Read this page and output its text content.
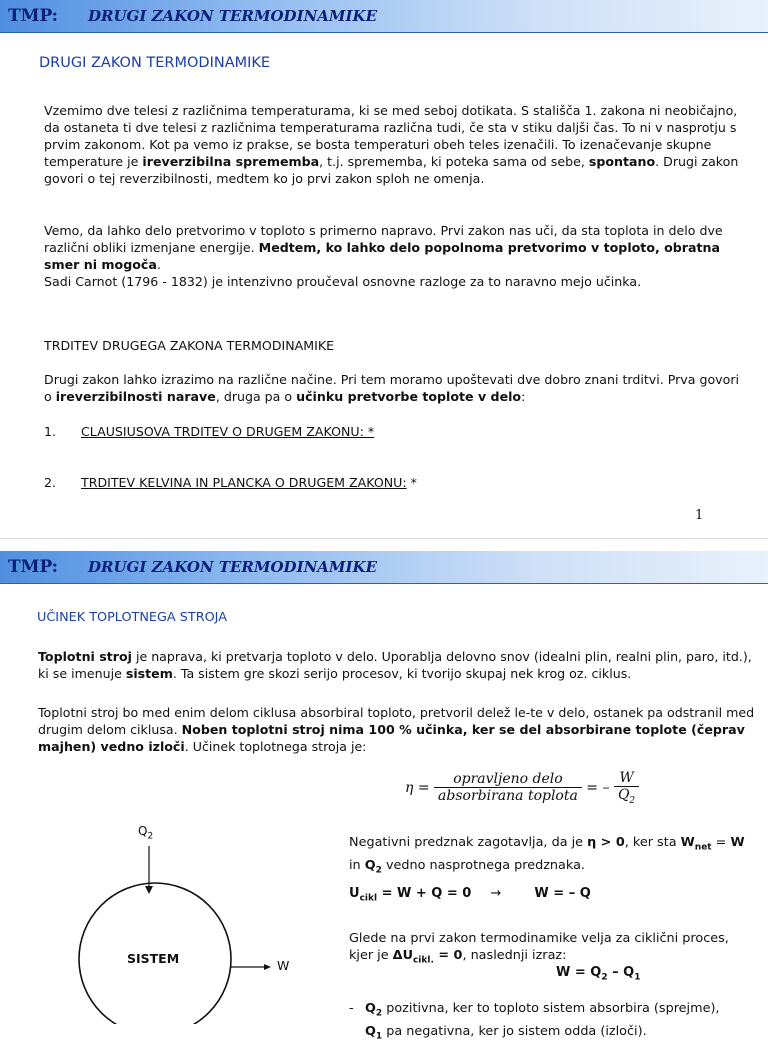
TMP: DRUGI ZAKON TERMODINAMIKE
DRUGI ZAKON TERMODINAMIKE
Vzemimo dve telesi z različnima temperaturama, ki se med seboj dotikata. S stališča 1. zakona ni neobičajno, da ostaneta ti dve telesi z različnima temperaturama različna tudi, če sta v stiku daljši čas. To ni v nasprotju s prvim zakonom. Kot pa vemo iz prakse, se bosta temperaturi obeh teles izenačili. To izenačevanje skupne temperature je ireverzibilna sprememba, t.j. sprememba, ki poteka sama od sebe, spontano. Drugi zakon govori o tej reverzibilnosti, medtem ko jo prvi zakon sploh ne omenja.
Vemo, da lahko delo pretvorimo v toploto s primerno napravo. Prvi zakon nas uči, da sta toplota in delo dve različni obliki izmenjane energije. Medtem, ko lahko delo popolnoma pretvorimo v toploto, obratna smer ni mogoča.
Sadi Carnot (1796 - 1832) je intenzivno proučeval osnovne razloge za to naravno mejo učinka.
TRDITEV DRUGEGA ZAKONA TERMODINAMIKE
Drugi zakon lahko izrazimo na različne načine. Pri tem moramo upoštevati dve dobro znani trditvi. Prva govori o ireverzibilnosti narave, druga pa o učinku pretvorbe toplote v delo:
1. CLAUSIUSOVA TRDITEV O DRUGEM ZAKONU: *
2. TRDITEV KELVINA IN PLANCKA O DRUGEM ZAKONU: *
1
TMP: DRUGI ZAKON TERMODINAMIKE
UČINEK TOPLOTNEGA STROJA
Toplotni stroj je naprava, ki pretvarja toploto v delo. Uporablja delovno snov (idealni plin, realni plin, paro, itd.), ki se imenuje sistem. Ta sistem gre skozi serijo procesov, ki tvorijo skupaj nek krog oz. ciklus.
Toplotni stroj bo med enim delom ciklusa absorbiral toploto, pretvoril delež le-te v delo, ostanek pa odstranil med drugim delom ciklusa. Noben toplotni stroj nima 100 % učinka, ker se del absorbirane toplote (čeprav majhen) vedno izloči. Učinek toplotnega stroja je:
$\eta = \frac{\text{opravljeno delo}}{\text{absorbirana toplota}}$ = – $\frac{W}{Q_2}$
$Q_2$
SISTEM	W
Negativni predznak zagotavlja, da je η > 0, ker sta $W_{net} = W$ in $Q_2$ vedno nasprotnega predznaka.
$U_{cikl} = W + Q = 0$ →	W = – Q
Glede na prvi zakon termodinamike velja za ciklični proces,
kjer je $\Delta U_{cikl.} = 0$, naslednji izraz:
$W = Q_2 - Q_1$
- $Q_2$ pozitivna, ker to toploto sistem absorbira (sprejme),
$Q_1$ pa negativna, ker jo sistem odda (izloči).
